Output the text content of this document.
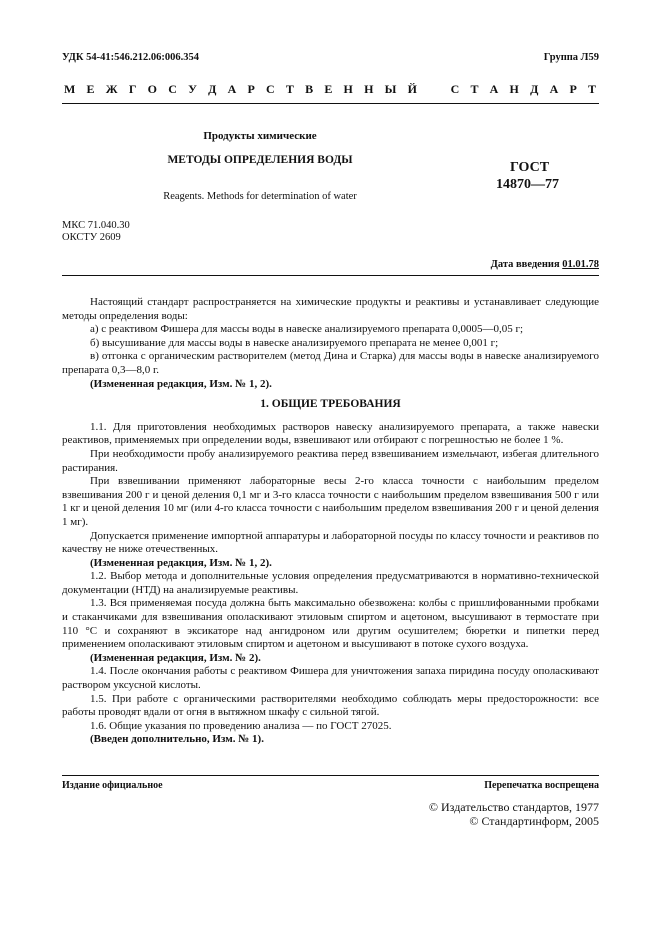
УДК 54-41:546.212.06:006.354	Группа Л59
М Е Ж Г О С У Д А Р С Т В Е Н Н Ы Й	С Т А Н Д А Р Т
Продукты химические
МЕТОДЫ ОПРЕДЕЛЕНИЯ ВОДЫ	ГОСТ
14870—77
Reagents. Methods for determination of water
МКС 71.040.30
ОКСТУ 2609
Дата введения 01.01.78

Настоящий стандарт распространяется на химические продукты и реактивы и устанавливает следующие методы определения воды:

а) с реактивом Фишера для массы воды в навеске анализируемого препарата 0,0005—0,05 г;

б) высушивание для массы воды в навеске анализируемого препарата не менее 0,001 г;

в) отгонка с органическим растворителем (метод Дина и Старка) для массы воды в навеске анализируемого препарата 0,3—8,0 г.

(Измененная редакция, Изм. № 1, 2).

1. ОБЩИЕ ТРЕБОВАНИЯ

1.1. Для приготовления необходимых растворов навеску анализируемого препарата, а также навески реактивов, применяемых при определении воды, взвешивают или отбирают с погрешностью не более 1 %.

При необходимости пробу анализируемого реактива перед взвешиванием измельчают, избегая длительного растирания.

При взвешивании применяют лабораторные весы 2-го класса точности с наибольшим пределом взвешивания 200 г и ценой деления 0,1 мг и 3-го класса точности с наибольшим пределом взвешивания 500 г или 1 кг и ценой деления 10 мг (или 4-го класса точности с наибольшим пределом взвешивания 200 г и ценой деления 1 мг).

Допускается применение импортной аппаратуры и лабораторной посуды по классу точности и реактивов по качеству не ниже отечественных.

(Измененная редакция, Изм. № 1, 2).

1.2. Выбор метода и дополнительные условия определения предусматриваются в нормативно-технической документации (НТД) на анализируемые реактивы.

1.3. Вся применяемая посуда должна быть максимально обезвожена: колбы с пришлифованными пробками и стаканчиками для взвешивания ополаскивают этиловым спиртом и ацетоном, высушивают в термостате при 110 °С и сохраняют в эксикаторе над ангидроном или другим осушителем; бюретки и пипетки перед применением ополаскивают этиловым спиртом и ацетоном и высушивают в потоке сухого воздуха.

(Измененная редакция, Изм. № 2).

1.4. После окончания работы с реактивом Фишера для уничтожения запаха пиридина посуду ополаскивают раствором уксусной кислоты.

1.5. При работе с органическими растворителями необходимо соблюдать меры предосторожности: все работы проводят вдали от огня в вытяжном шкафу с сильной тягой.

1.6. Общие указания по проведению анализа — по ГОСТ 27025.

(Введен дополнительно, Изм. № 1).

Издание официальное	Перепечатка воспрещена
© Издательство стандартов, 1977
© Стандартинформ, 2005
